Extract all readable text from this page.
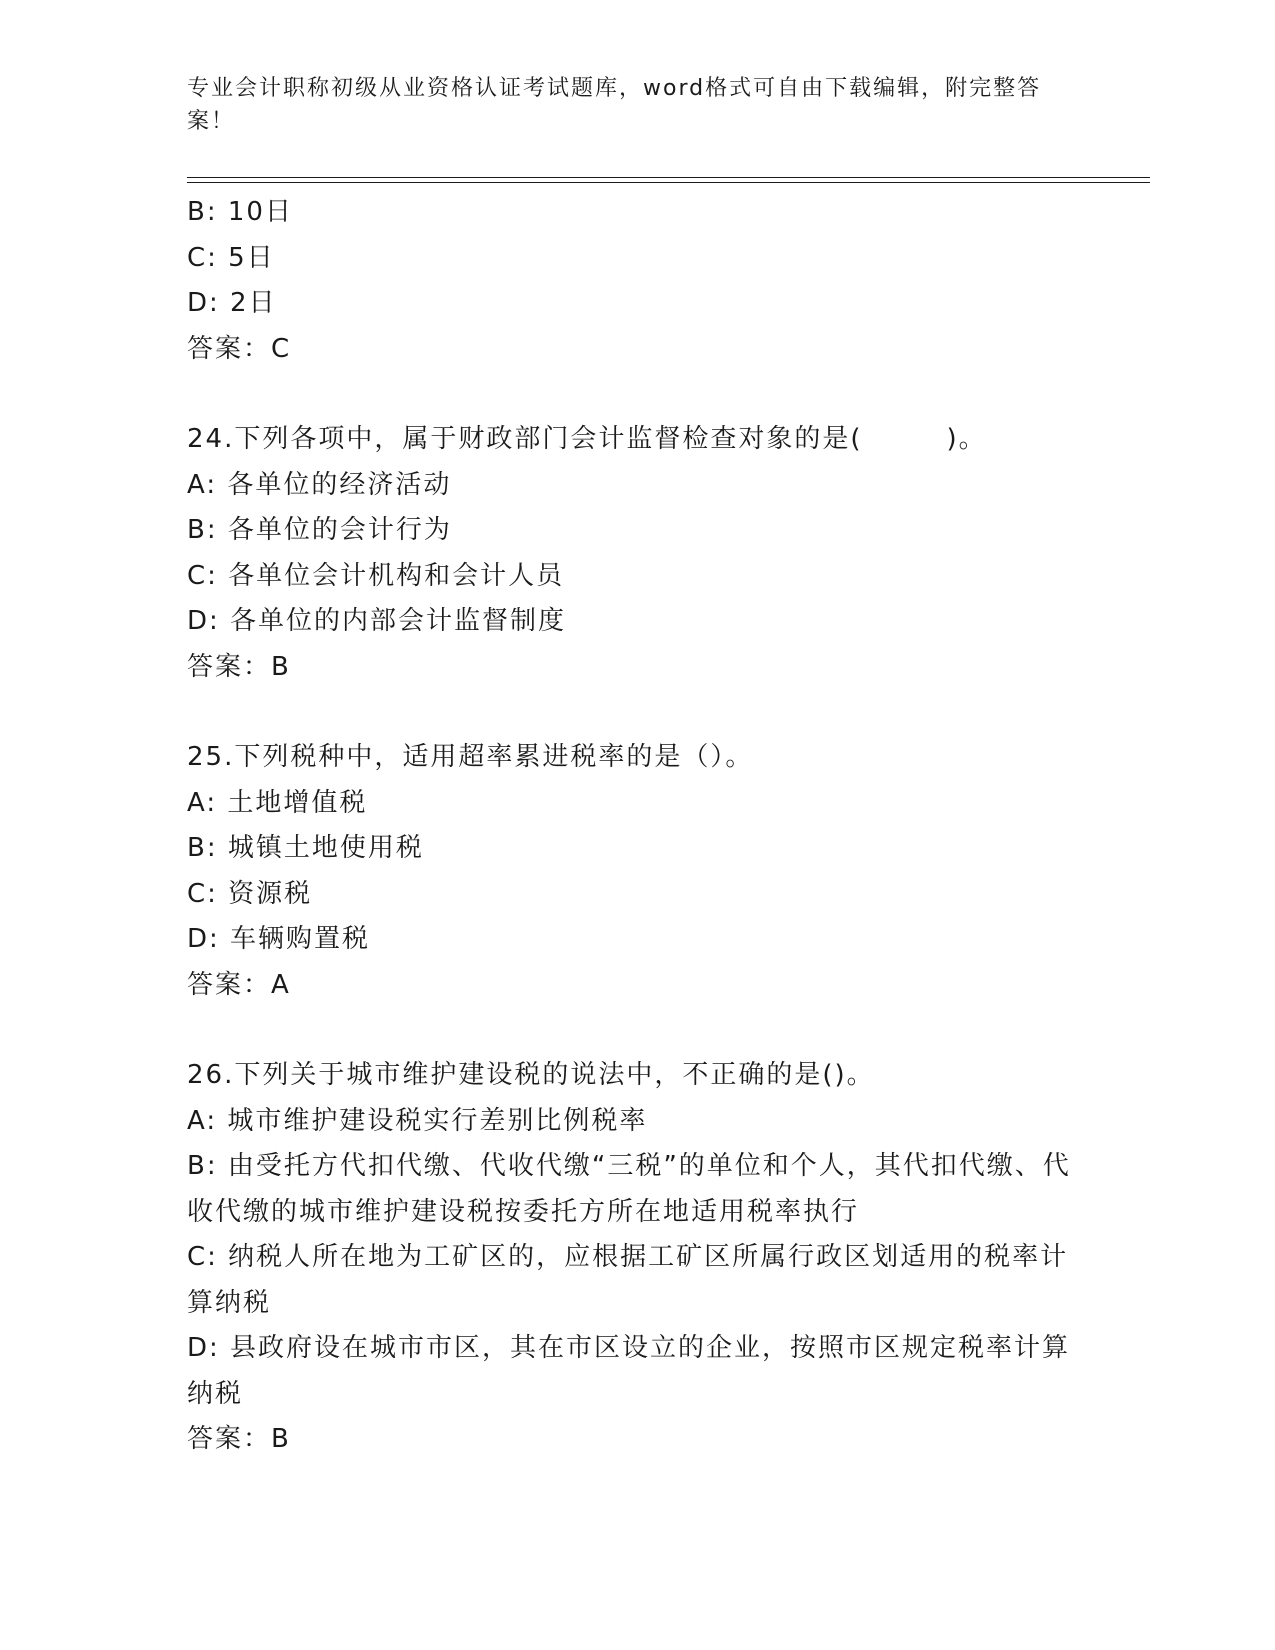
专业会计职称初级从业资格认证考试题库，word格式可自由下载编辑，附完整答案！
B: 10日
C: 5日
D: 2日
答案：C
24.下列各项中，属于财政部门会计监督检查对象的是(　　　)。
A: 各单位的经济活动
B: 各单位的会计行为
C: 各单位会计机构和会计人员
D: 各单位的内部会计监督制度
答案：B
25.下列税种中，适用超率累进税率的是（）。
A: 土地增值税
B: 城镇土地使用税
C: 资源税
D: 车辆购置税
答案：A
26.下列关于城市维护建设税的说法中，不正确的是()。
A: 城市维护建设税实行差别比例税率
B: 由受托方代扣代缴、代收代缴“三税”的单位和个人，其代扣代缴、代收代缴的城市维护建设税按委托方所在地适用税率执行
C: 纳税人所在地为工矿区的，应根据工矿区所属行政区划适用的税率计算纳税
D: 县政府设在城市市区，其在市区设立的企业，按照市区规定税率计算纳税
答案：B
